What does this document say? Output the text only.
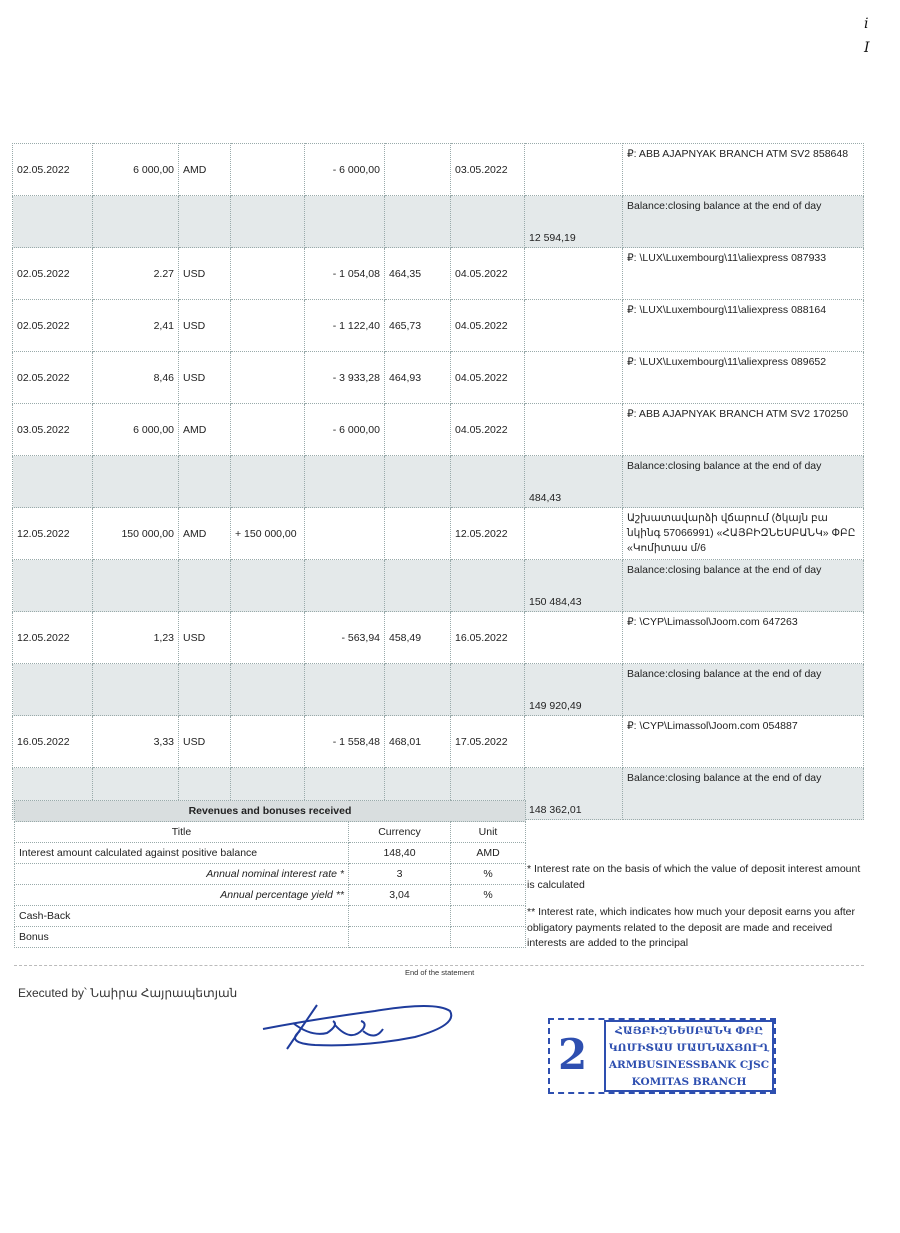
i
I
02.05.2022	6 000,00	AMD		- 6 000,00		03.05.2022		₽: ABB AJAPNYAK BRANCH ATM SV2 858648
							12 594,19	Balance:closing balance at the end of day
02.05.2022	2.27	USD		- 1 054,08	464,35	04.05.2022		₽: \LUX\Luxembourg\11\aliexpress 087933
02.05.2022	2,41	USD		- 1 122,40	465,73	04.05.2022		₽: \LUX\Luxembourg\11\aliexpress 088164
02.05.2022	8,46	USD		- 3 933,28	464,93	04.05.2022		₽: \LUX\Luxembourg\11\aliexpress 089652
03.05.2022	6 000,00	AMD		- 6 000,00		04.05.2022		₽: ABB AJAPNYAK BRANCH ATM SV2 170250
							484,43	Balance:closing balance at the end of day
12.05.2022	150 000,00	AMD	+ 150 000,00			12.05.2022		Աշխատավարձի վճարում (ծկայն բա նկինգ 57066991) «ՀԱՅԲԻԶՆԵՍԲԱՆԿ» ՓԲԸ «Կոմիտաս մ/6
							150 484,43	Balance:closing balance at the end of day
12.05.2022	1,23	USD		- 563,94	458,49	16.05.2022		₽: \CYP\Limassol\Joom.com 647263
							149 920,49	Balance:closing balance at the end of day
16.05.2022	3,33	USD		- 1 558,48	468,01	17.05.2022		₽: \CYP\Limassol\Joom.com 054887
							148 362,01	Balance:closing balance at the end of day
Revenues and bonuses received		
Title	Currency	Unit
Interest amount calculated against positive balance	148,40	AMD
Annual nominal interest rate *	3	%
Annual percentage yield **	3,04	%
Cash-Back		
Bonus		

* Interest rate on the basis of which the value of deposit interest amount is calculated

** Interest rate, which indicates how much your deposit earns you after obligatory payments related to the deposit are made and received interests are added to the principal

End of the statement
Executed by՝ Նաիրա Հայրապետյան
2	ՀԱՅԲԻԶՆԵՍԲԱՆԿ ՓԲԸ
ԿՈՄԻՏԱՍ ՄԱՍՆԱՃՅՈՒՂ
ARMBUSINESSBANK CJSC
KOMITAS BRANCH
